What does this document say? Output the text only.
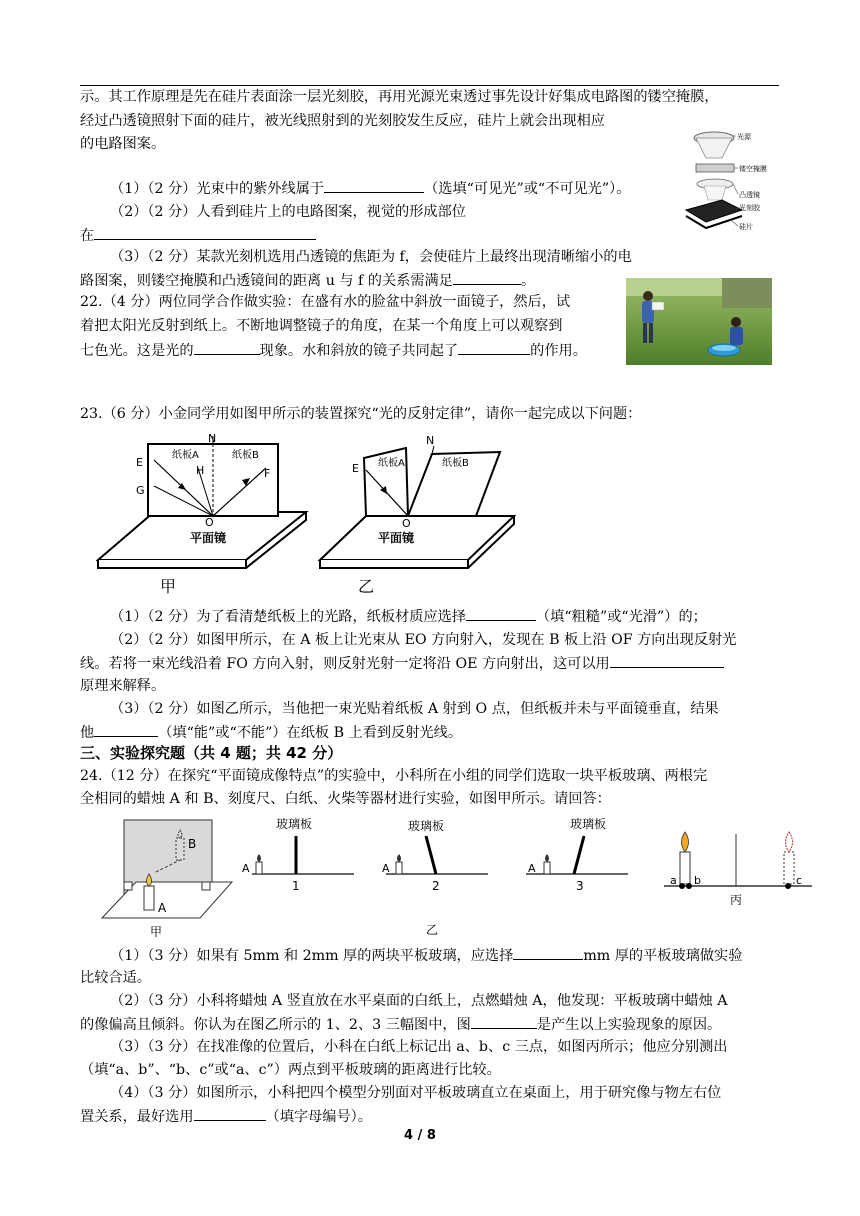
示。其工作原理是先在硅片表面涂一层光刻胶，再用光源光束透过事先设计好集成电路图的镂空掩膜，
经过凸透镜照射下面的硅片，被光线照射到的光刻胶发生反应，硅片上就会出现相应
的电路图案。
（1）（2 分）光束中的紫外线属于	（选填“可见光”或“不可见光”）。
（2）（2 分）人看到硅片上的电路图案，视觉的形成部位
在
（3）（2 分）某款光刻机选用凸透镜的焦距为 f，会使硅片上最终出现清晰缩小的电
路图案，则镂空掩膜和凸透镜间的距离 u 与 f 的关系需满足	。
光源
镂空掩膜
凸透镜
光刻胶
硅片
22.（4 分）两位同学合作做实验：在盛有水的脸盆中斜放一面镜子，然后，试
着把太阳光反射到纸上。不断地调整镜子的角度，在某一个角度上可以观察到
七色光。这是光的	现象。水和斜放的镜子共同起了	的作用。
23.（6 分）小金同学用如图甲所示的装置探究“光的反射定律”，请你一起完成以下问题：
N
E
G
H	F
O
纸板A	纸板B
平面镜
甲
N
E
O
纸板A	纸板B
平面镜
乙
（1）（2 分）为了看清楚纸板上的光路，纸板材质应选择	（填“粗糙”或“光滑”）的；
（2）（2 分）如图甲所示，在 A 板上让光束从 EO 方向射入，发现在 B 板上沿 OF 方向出现反射光
线。若将一束光线沿着 FO 方向入射，则反射光射一定将沿 OE 方向射出，这可以用
原理来解释。
（3）（2 分）如图乙所示，当他把一束光贴着纸板 A 射到 O 点，但纸板并未与平面镜垂直，结果
他	（填“能”或“不能”）在纸板 B 上看到反射光线。
三、实验探究题（共 4 题；共 42 分）
24.（12 分）在探究“平面镜成像特点”的实验中，小科所在小组的同学们选取一块平板玻璃、两根完
全相同的蜡烛 A 和 B、刻度尺、白纸、火柴等器材进行实验，如图甲所示。请回答：
B
A
甲
A
玻璃板
1
A
玻璃板
2
乙
A
玻璃板
3	a b	c
丙
（1）（3 分）如果有 5mm 和 2mm 厚的两块平板玻璃，应选择	mm 厚的平板玻璃做实验
比较合适。
（2）（3 分）小科将蜡烛 A 竖直放在水平桌面的白纸上，点燃蜡烛 A，他发现：平板玻璃中蜡烛 A
的像偏高且倾斜。你认为在图乙所示的 1、2、3 三幅图中，图	是产生以上实验现象的原因。
（3）（3 分）在找准像的位置后，小科在白纸上标记出 a、b、c 三点，如图丙所示；他应分别测出
（填“a、b”、“b、c”或“a、c”）两点到平板玻璃的距离进行比较。
（4）（3 分）如图所示，小科把四个模型分别面对平板玻璃直立在桌面上，用于研究像与物左右位
置关系，最好选用	（填字母编号）。
4 / 8
